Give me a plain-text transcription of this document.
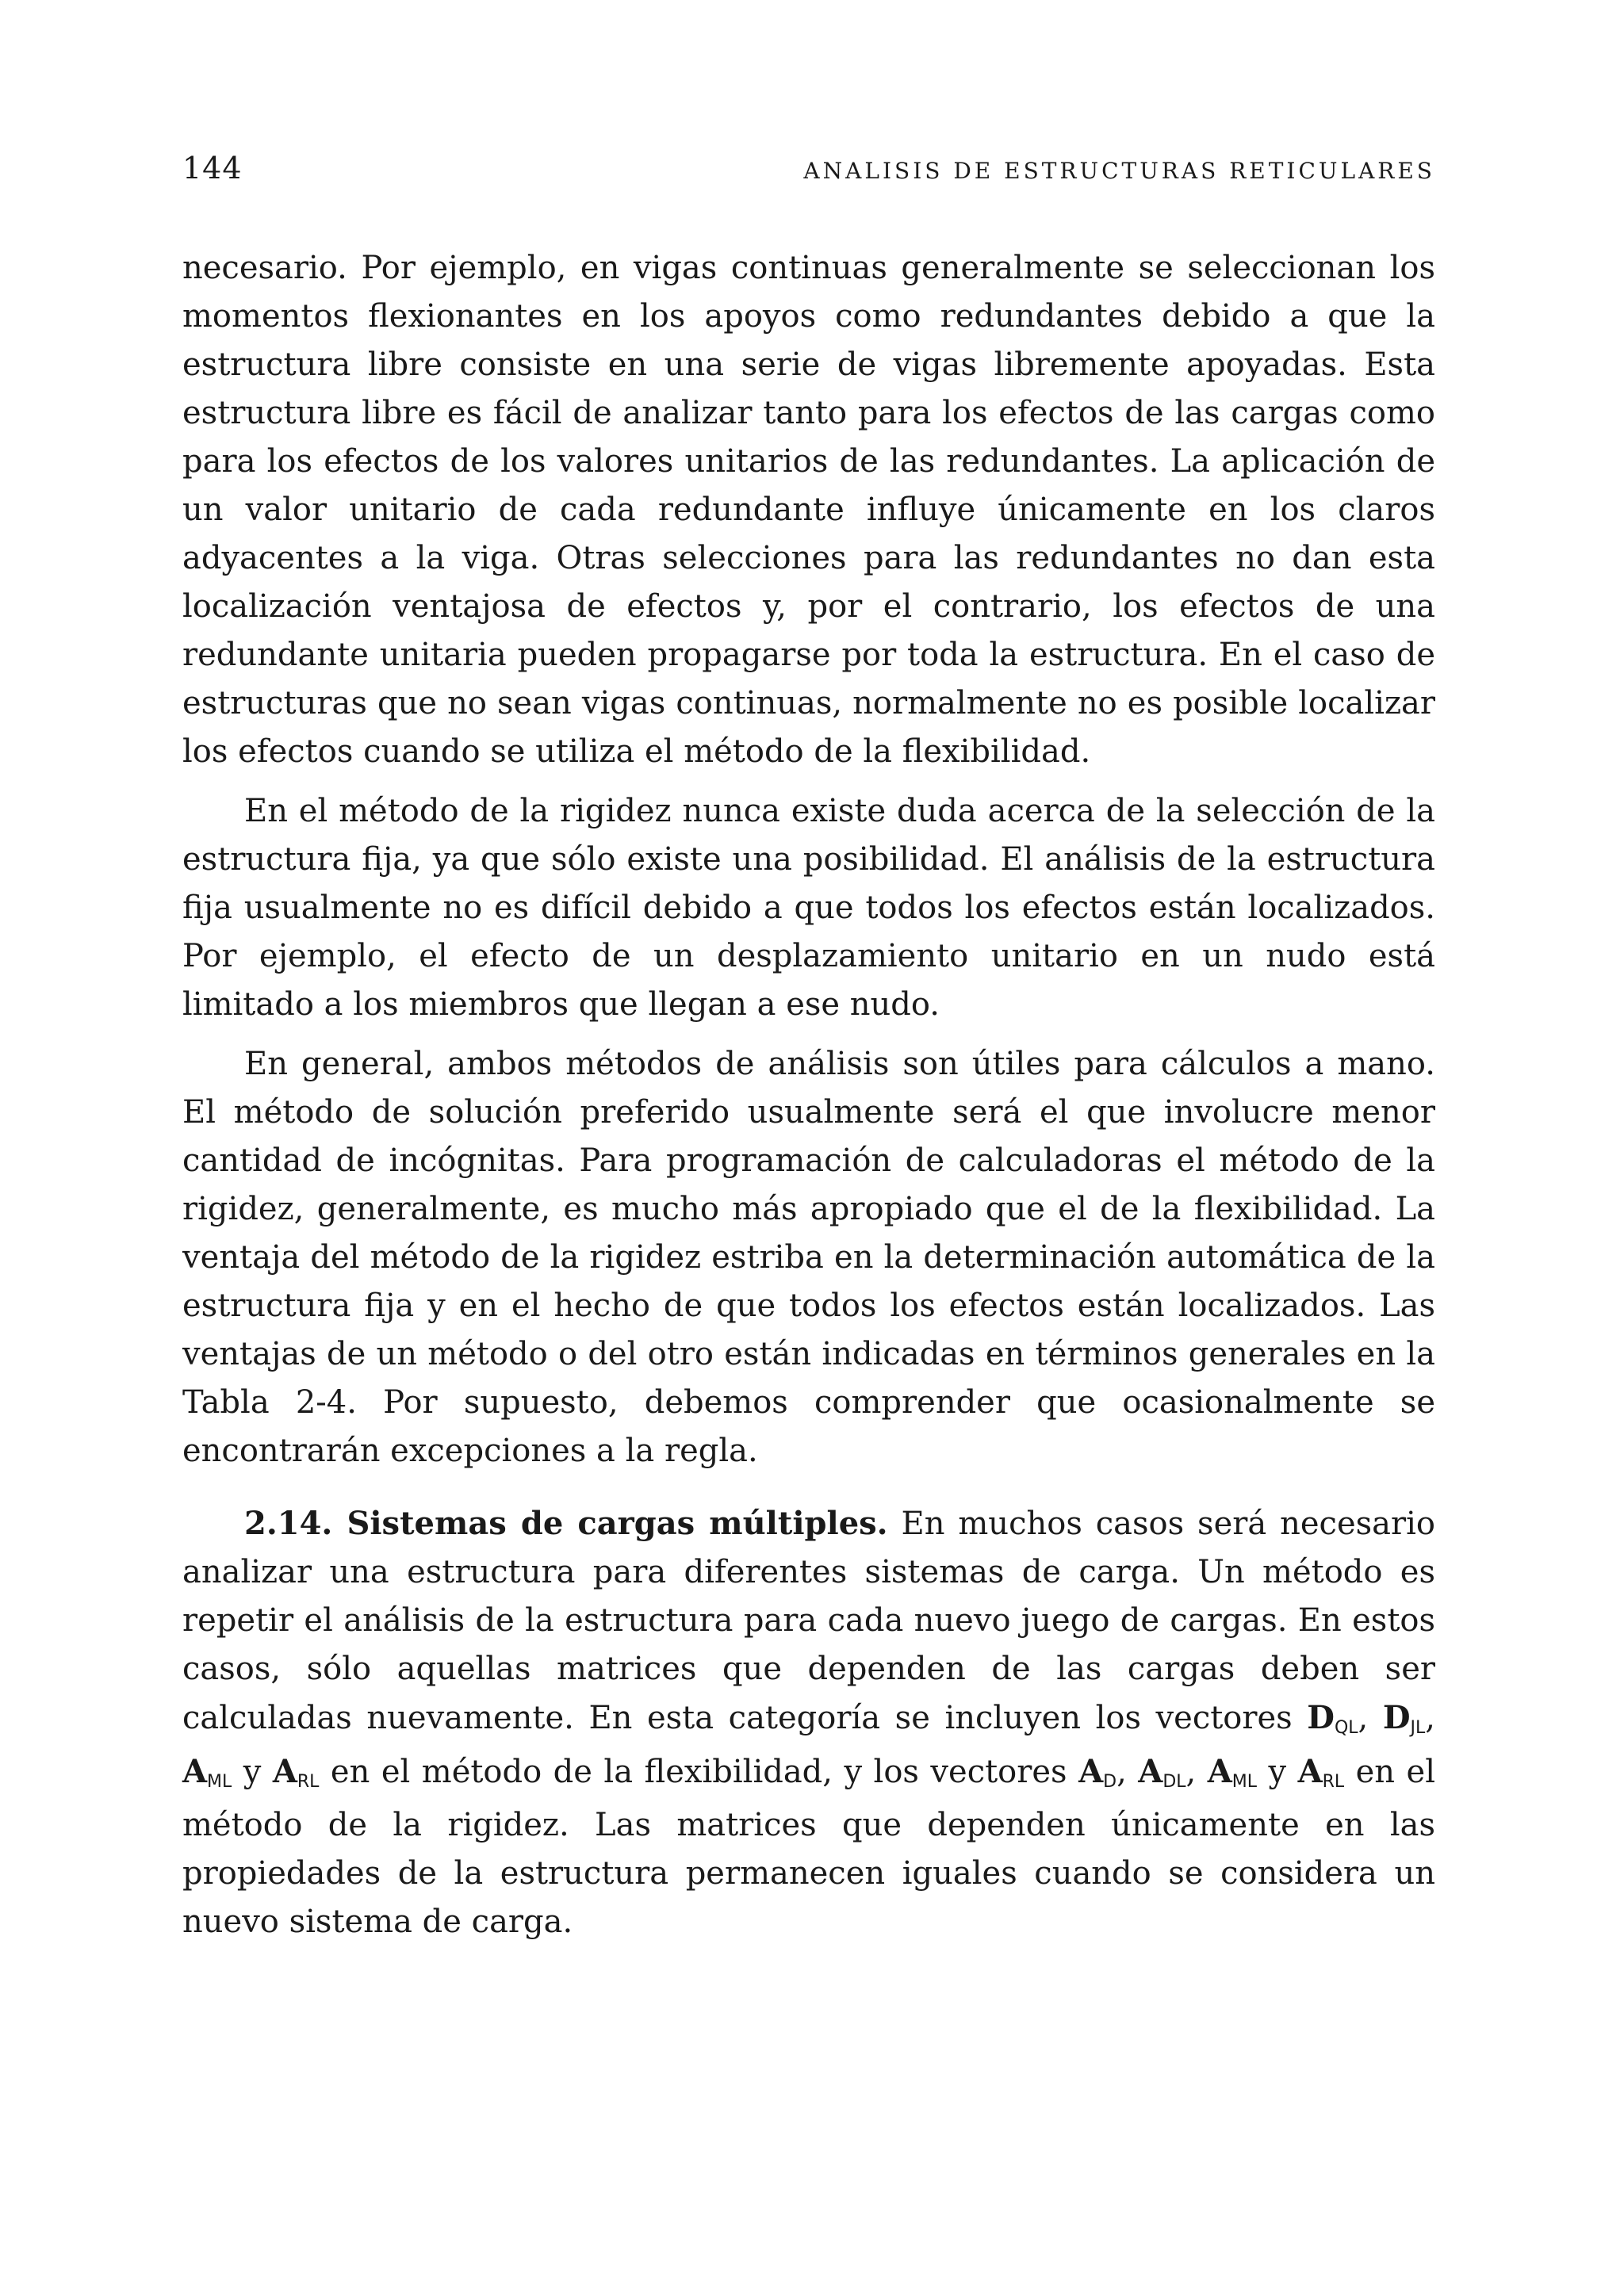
144	ANALISIS DE ESTRUCTURAS RETICULARES

necesario. Por ejemplo, en vigas continuas generalmente se seleccionan los momentos flexionantes en los apoyos como redundantes debido a que la estructura libre consiste en una serie de vigas libremente apoyadas. Esta estructura libre es fácil de analizar tanto para los efectos de las cargas como para los efectos de los valores unitarios de las redundantes. La aplicación de un valor unitario de cada redundante influye únicamente en los claros adyacentes a la viga. Otras selecciones para las redundantes no dan esta localización ventajosa de efectos y, por el contrario, los efectos de una redundante unitaria pueden propagarse por toda la estructura. En el caso de estructuras que no sean vigas continuas, normalmente no es posible localizar los efectos cuando se utiliza el método de la flexibilidad.

En el método de la rigidez nunca existe duda acerca de la selección de la estructura fija, ya que sólo existe una posibilidad. El análisis de la estructura fija usualmente no es difícil debido a que todos los efectos están localizados. Por ejemplo, el efecto de un desplazamiento unitario en un nudo está limitado a los miembros que llegan a ese nudo.

En general, ambos métodos de análisis son útiles para cálculos a mano. El método de solución preferido usualmente será el que involucre menor cantidad de incógnitas. Para programación de calculadoras el método de la rigidez, generalmente, es mucho más apropiado que el de la flexibilidad. La ventaja del método de la rigidez estriba en la determinación automática de la estructura fija y en el hecho de que todos los efectos están localizados. Las ventajas de un método o del otro están indicadas en términos generales en la Tabla 2-4. Por supuesto, debemos comprender que ocasionalmente se encontrarán excepciones a la regla.

2.14. Sistemas de cargas múltiples. En muchos casos será necesario analizar una estructura para diferentes sistemas de carga. Un método es repetir el análisis de la estructura para cada nuevo juego de cargas. En estos casos, sólo aquellas matrices que dependen de las cargas deben ser calculadas nuevamente. En esta categoría se incluyen los vectores $D_{QL}$, $D_{JL}$, $A_{ML}$ y $A_{RL}$ en el método de la flexibilidad, y los vectores $A_D$, $A_{DL}$, $A_{ML}$ y $A_{RL}$ en el método de la rigidez. Las matrices que dependen únicamente en las propiedades de la estructura permanecen iguales cuando se considera un nuevo sistema de carga.
